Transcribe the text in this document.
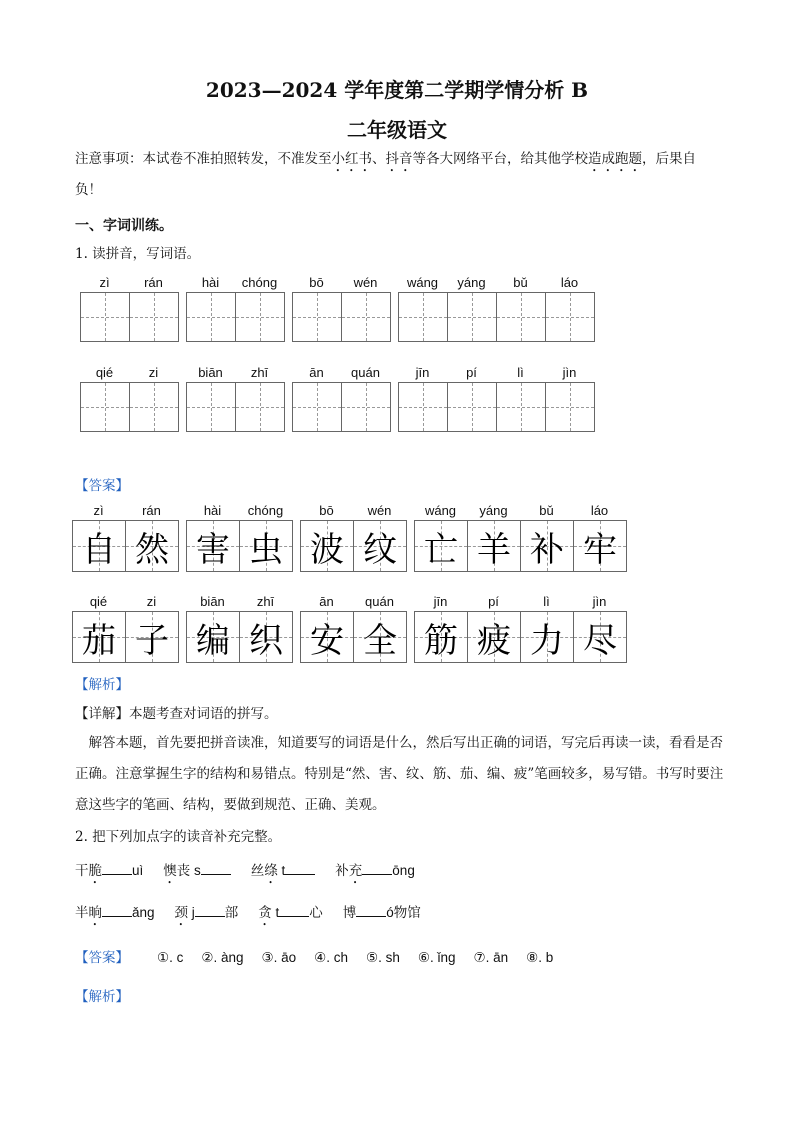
2023—2024 学年度第二学期学情分析 B
二年级语文
注意事项：本试卷不准拍照转发，不准发至小红书、抖音等各大网络平台，给其他学校造成跑题，后果自
负！
一、字词训练。
1. 读拼音，写词语。
zì	rán	hài	chóng	bō	wén	wáng	yáng	bǔ	láo
qié	zi	biān	zhī	ān	quán	jīn	pí	lì	jìn
【答案】
zì	rán
自 然
hài	chóng
害 虫
bō	wén
波 纹
wáng	yáng	bǔ	láo
亡 羊 补 牢
qié	zi
茄 子
biān	zhī
编 织
ān	quán
安 全
jīn	pí	lì	jìn
筋 疲 力 尽
【解析】
【详解】本题考查对词语的拼写。
解答本题，首先要把拼音读准，知道要写的词语是什么，然后写出正确的词语，写完后再读一读，看看是否正确。注意掌握生字的结构和易错点。特别是“然、害、纹、筋、茄、编、疲”笔画较多，易写错。书写时要注意这些字的笔画、结构，要做到规范、正确、美观。
2. 把下列加点字的读音补充完整。
干脆 uì 懊丧 s	丝绦 t	补充 ōng
半晌 ǎng 颈 j 部 贪 t 心 博 ó物馆
【答案】 ①. c ②. àng ③. āo ④. ch ⑤. sh ⑥. ǐng ⑦. ān ⑧. b
【解析】
